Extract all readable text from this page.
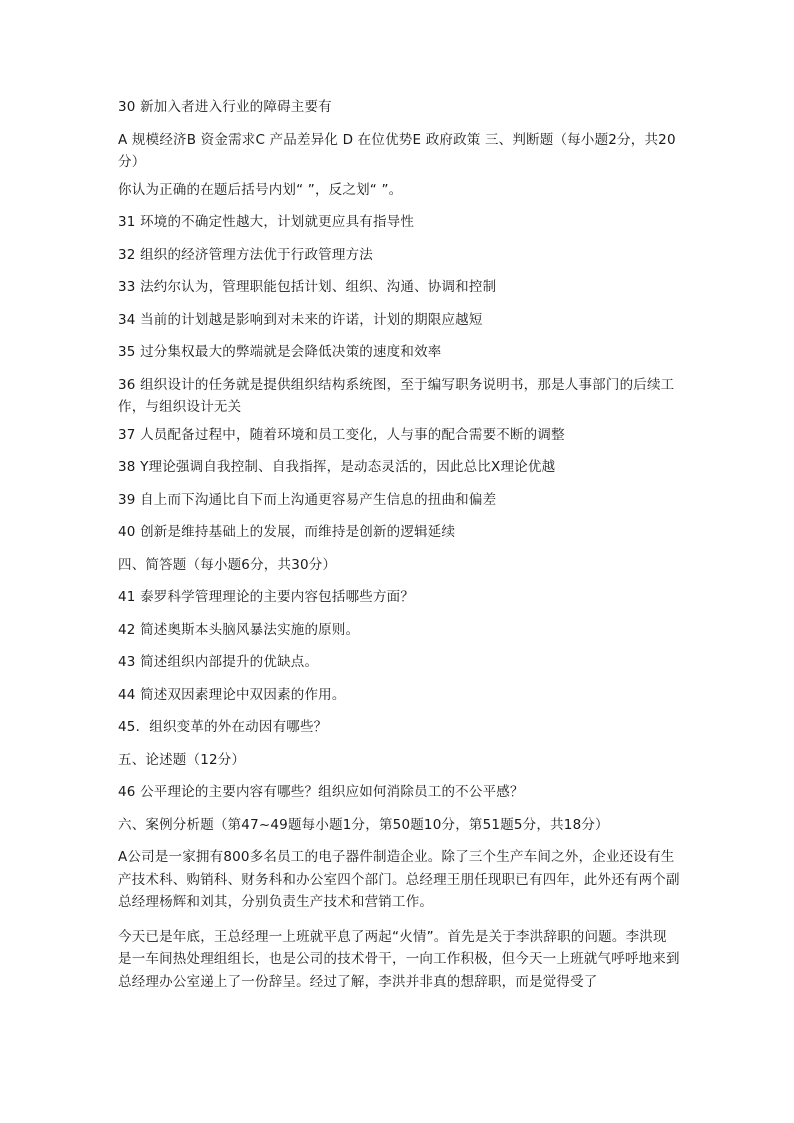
30 新加入者进入行业的障碍主要有

A 规模经济B 资金需求C 产品差异化 D 在位优势E 政府政策 三、判断题（每小题2分，共20分）

你认为正确的在题后括号内划“ ”，反之划“ ”。

31 环境的不确定性越大，计划就更应具有指导性

32 组织的经济管理方法优于行政管理方法

33 法约尔认为，管理职能包括计划、组织、沟通、协调和控制

34 当前的计划越是影响到对未来的许诺，计划的期限应越短

35 过分集权最大的弊端就是会降低决策的速度和效率

36 组织设计的任务就是提供组织结构系统图，至于编写职务说明书，那是人事部门的后续工作，与组织设计无关

37 人员配备过程中，随着环境和员工变化，人与事的配合需要不断的调整

38 Y理论强调自我控制、自我指挥，是动态灵活的，因此总比X理论优越

39 自上而下沟通比自下而上沟通更容易产生信息的扭曲和偏差

40 创新是维持基础上的发展，而维持是创新的逻辑延续

四、简答题（每小题6分，共30分）

41 泰罗科学管理理论的主要内容包括哪些方面？

42 简述奥斯本头脑风暴法实施的原则。

43 简述组织内部提升的优缺点。

44 简述双因素理论中双因素的作用。

45．组织变革的外在动因有哪些？

五、论述题（12分）

46 公平理论的主要内容有哪些？组织应如何消除员工的不公平感？

六、案例分析题（第47~49题每小题1分，第50题10分，第51题5分，共18分）

A公司是一家拥有800多名员工的电子器件制造企业。除了三个生产车间之外，企业还设有生产技术科、购销科、财务科和办公室四个部门。总经理王朋任现职已有四年，此外还有两个副总经理杨辉和刘其，分别负责生产技术和营销工作。

今天已是年底，王总经理一上班就平息了两起“火情”。首先是关于李洪辞职的问题。李洪现是一车间热处理组组长，也是公司的技术骨干，一向工作积极，但今天一上班就气呼呼地来到总经理办公室递上了一份辞呈。经过了解，李洪并非真的想辞职，而是觉得受了
